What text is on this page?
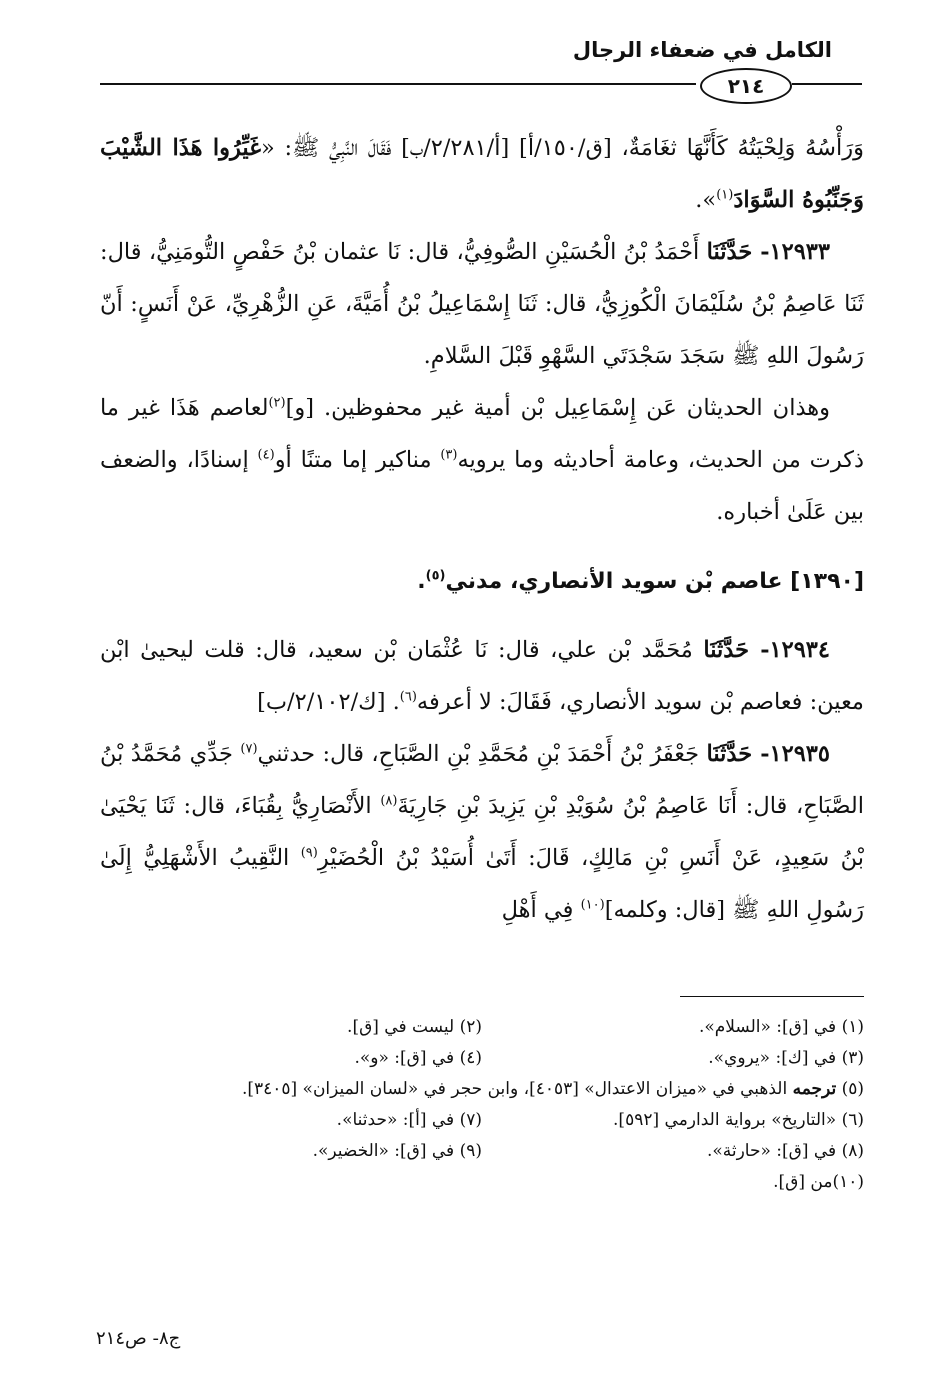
الكامل في ضعفاء الرجال
٢١٤

وَرَأْسُهُ وَلِحْيَتُهُ كَأَنَّهَا ثغَامَةٌ، [ق/١٥٠/أ] [أ/٢/٢٨١/ب] فَقَالَ النَّبِيُّ ﷺ: «غَيِّرُوا هَذَا الشَّيْبَ وَجَنِّبُوهُ السَّوَادَ$^{(١)}$».

١٢٩٣٣- حَدَّثَنَا أَحْمَدُ بْنُ الْحُسَيْنِ الصُّوفِيُّ، قال: نَا عثمان بْنُ حَفْصٍ التُّومَنِيُّ، قال: ثَنَا عَاصِمُ بْنُ سُلَيْمَانَ الْكُوزِيُّ، قال: ثَنَا إِسْمَاعِيلُ بْنُ أُمَيَّةَ، عَنِ الزُّهْرِيِّ، عَنْ أَنَسٍ: أَنّ رَسُولَ اللهِ ﷺ سَجَدَ سَجْدَتَي السَّهْوِ قَبْلَ السَّلامِ.

وهذان الحديثان عَن إِسْمَاعِيل بْن أمية غير محفوظين. [و]$^{(٢)}$لعاصم هَذَا غير ما ذكرت من الحديث، وعامة أحاديثه وما يرويه$^{(٣)}$ مناكير إما متنًا أو$^{(٤)}$ إسنادًا، والضعف بين عَلَىٰ أخباره.

[١٣٩٠] عاصم بْن سويد الأنصاري، مدني$^{(٥)}$.

١٢٩٣٤- حَدَّثَنَا مُحَمَّد بْن علي، قال: نَا عُثْمَان بْن سعيد، قال: قلت ليحيىٰ ابْن معين: فعاصم بْن سويد الأنصاري، فَقَالَ: لا أعرفه$^{(٦)}$. [ك/٢/١٠٢/ب]

١٢٩٣٥- حَدَّثَنَا جَعْفَرُ بْنُ أَحْمَدَ بْنِ مُحَمَّدِ بْنِ الصَّبَاحِ، قال: حدثني$^{(٧)}$ جَدِّي مُحَمَّدُ بْنُ الصَّبَاحِ، قال: أَنَا عَاصِمُ بْنُ سُوَيْدِ بْنِ يَزِيدَ بْنِ جَارِيَةَ$^{(٨)}$ الأَنْصَارِيُّ بِقُبَاءَ، قال: ثَنَا يَحْيَىٰ بْنُ سَعِيدٍ، عَنْ أَنَسِ بْنِ مَالِكٍ، قَالَ: أَتَىٰ أُسَيْدُ بْنُ الْحُضَيْرِ$^{(٩)}$ النَّقِيبُ الأَشْهَلِيُّ إِلَىٰ رَسُولِ اللهِ ﷺ [قال: وكلمه]$^{(١٠)}$ فِي أَهْلِ

(١) في [ق]: «السلام».
(٢) ليست في [ق].
(٣) في [ك]: «يروي».
(٤) في [ق]: «و».
(٥) ترجمه الذهبي في «ميزان الاعتدال» [٤٠٥٣]، وابن حجر في «لسان الميزان» [٣٤٠٥].
(٦) «التاريخ» برواية الدارمي [٥٩٢].
(٧) في [أ]: «حدثنا».
(٨) في [ق]: «حارثة».
(٩) في [ق]: «الخضير».
(١٠)من [ق].
ج٨- ص٢١٤
